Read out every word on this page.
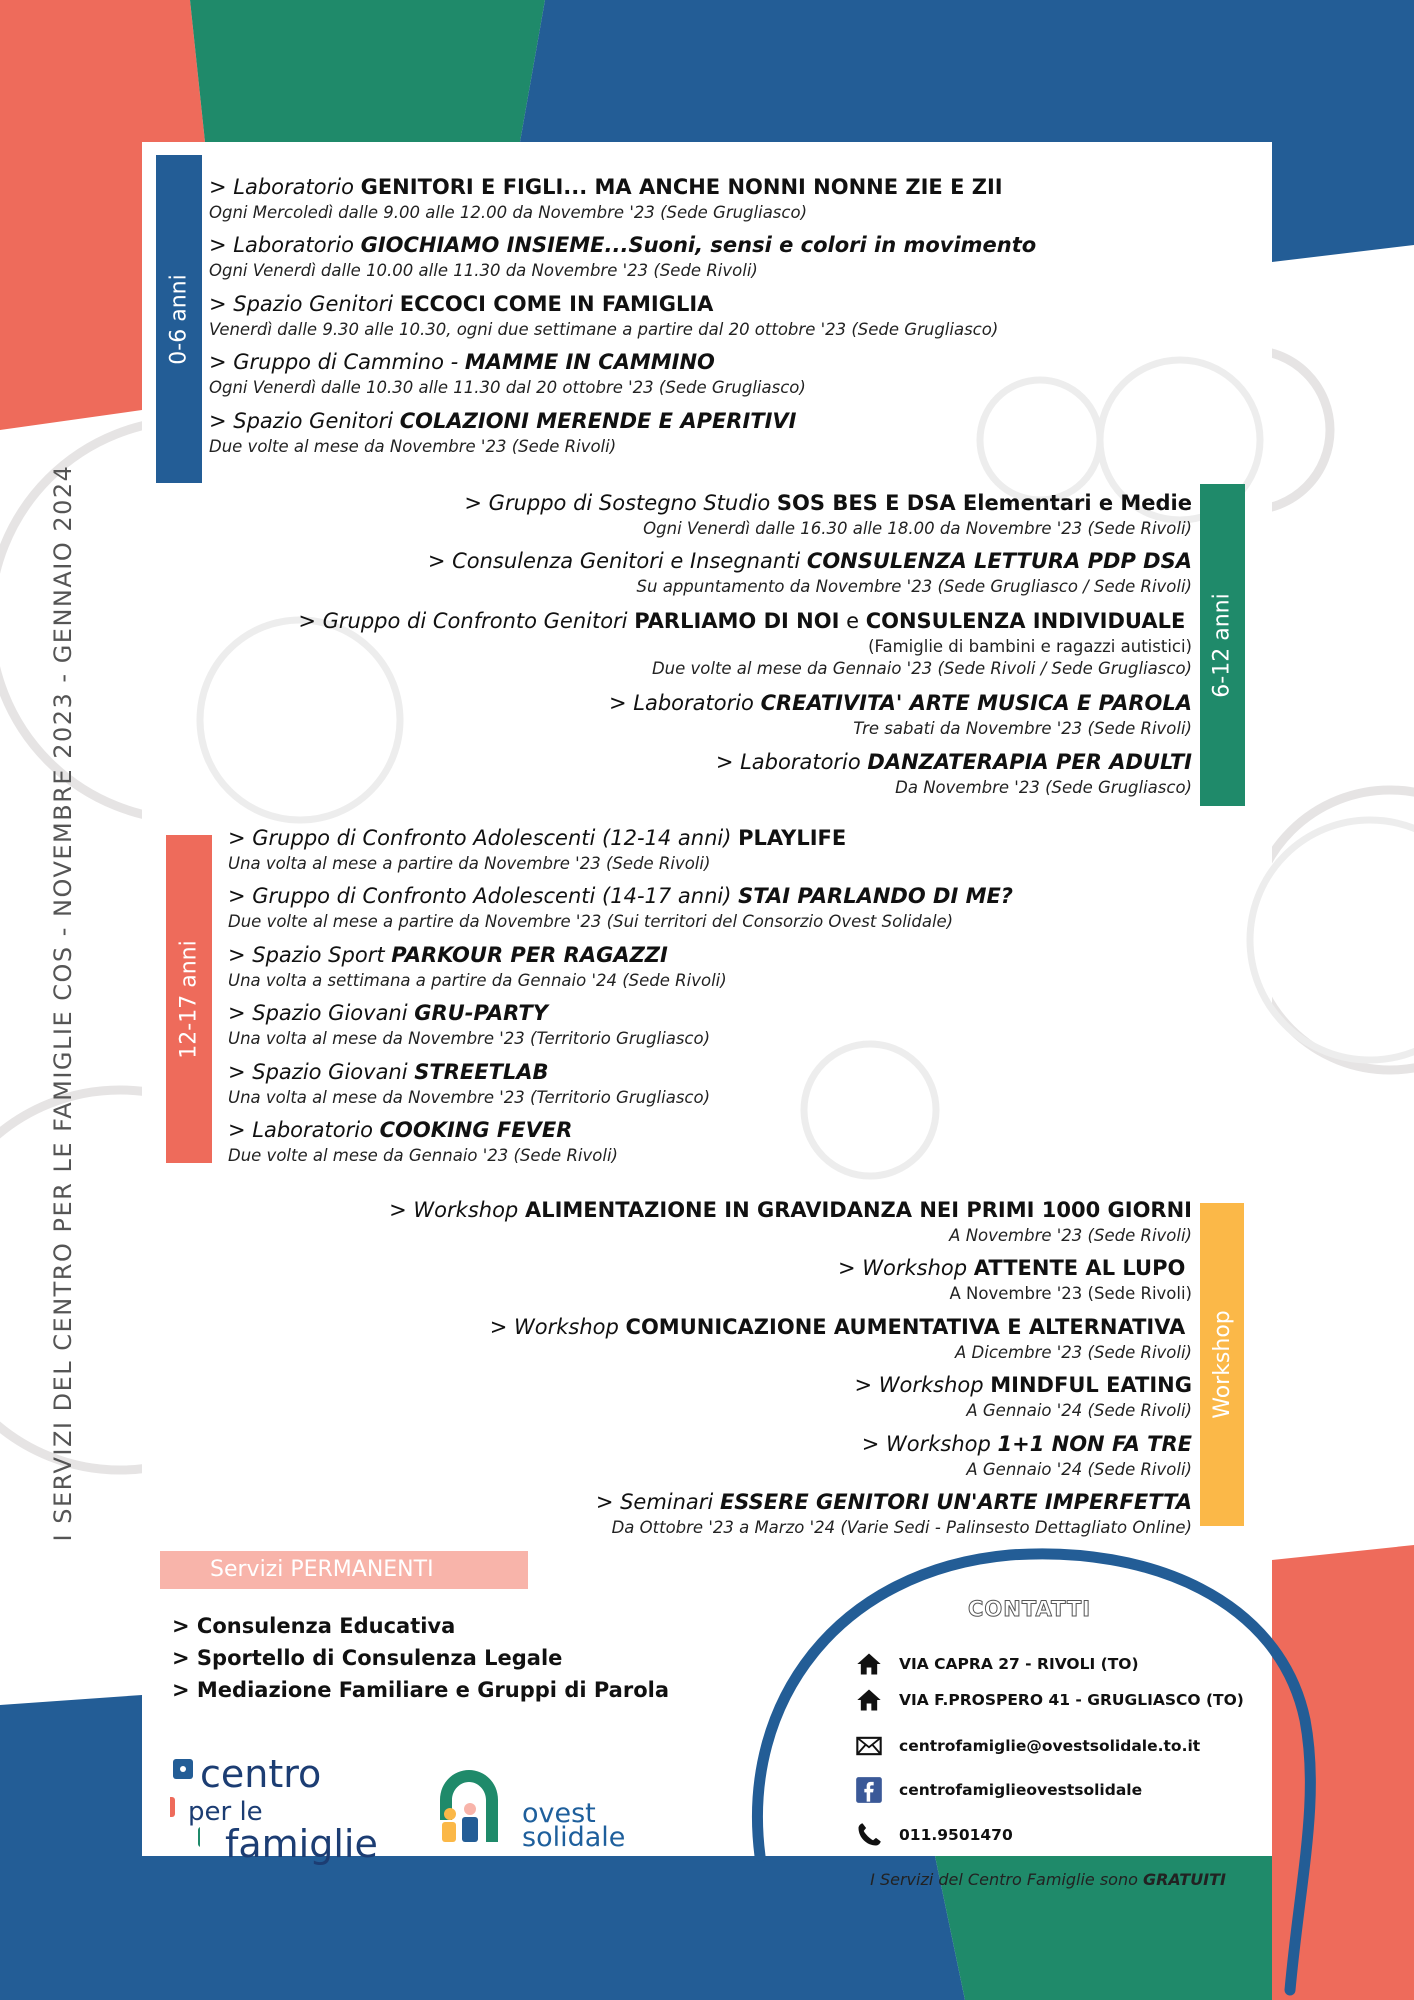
I SERVIZI DEL CENTRO PER LE FAMIGLIE COS - NOVEMBRE 2023 - GENNAIO 2024
0-6 anni
> Laboratorio GENITORI E FIGLI... MA ANCHE NONNI NONNE ZIE E ZII
Ogni Mercoledì dalle 9.00 alle 12.00 da Novembre '23 (Sede Grugliasco)
> Laboratorio GIOCHIAMO INSIEME...Suoni, sensi e colori in movimento
Ogni Venerdì dalle 10.00 alle 11.30 da Novembre '23 (Sede Rivoli)
> Spazio Genitori ECCOCI COME IN FAMIGLIA
Venerdì dalle 9.30 alle 10.30, ogni due settimane a partire dal 20 ottobre '23 (Sede Grugliasco)
> Gruppo di Cammino - MAMME IN CAMMINO
Ogni Venerdì dalle 10.30 alle 11.30 dal 20 ottobre '23 (Sede Grugliasco)
> Spazio Genitori COLAZIONI MERENDE E APERITIVI
Due volte al mese da Novembre '23 (Sede Rivoli)
6-12 anni
> Gruppo di Sostegno Studio SOS BES E DSA Elementari e Medie
Ogni Venerdì dalle 16.30 alle 18.00 da Novembre '23 (Sede Rivoli)
> Consulenza Genitori e Insegnanti CONSULENZA LETTURA PDP DSA
Su appuntamento da Novembre '23 (Sede Grugliasco / Sede Rivoli)
> Gruppo di Confronto Genitori PARLIAMO DI NOI e CONSULENZA INDIVIDUALE
(Famiglie di bambini e ragazzi autistici)
Due volte al mese da Gennaio '23 (Sede Rivoli / Sede Grugliasco)
> Laboratorio CREATIVITA' ARTE MUSICA E PAROLA
Tre sabati da Novembre '23 (Sede Rivoli)
> Laboratorio DANZATERAPIA PER ADULTI
Da Novembre '23 (Sede Grugliasco)
12-17 anni
> Gruppo di Confronto Adolescenti (12-14 anni) PLAYLIFE
Una volta al mese a partire da Novembre '23 (Sede Rivoli)
> Gruppo di Confronto Adolescenti (14-17 anni) STAI PARLANDO DI ME?
Due volte al mese a partire da Novembre '23 (Sui territori del Consorzio Ovest Solidale)
> Spazio Sport PARKOUR PER RAGAZZI
Una volta a settimana a partire da Gennaio '24 (Sede Rivoli)
> Spazio Giovani GRU-PARTY
Una volta al mese da Novembre '23 (Territorio Grugliasco)
> Spazio Giovani STREETLAB
Una volta al mese da Novembre '23 (Territorio Grugliasco)
> Laboratorio COOKING FEVER
Due volte al mese da Gennaio '23 (Sede Rivoli)
Workshop
> Workshop ALIMENTAZIONE IN GRAVIDANZA NEI PRIMI 1000 GIORNI
A Novembre '23 (Sede Rivoli)
> Workshop ATTENTE AL LUPO
A Novembre '23 (Sede Rivoli)
> Workshop COMUNICAZIONE AUMENTATIVA E ALTERNATIVA
A Dicembre '23 (Sede Rivoli)
> Workshop MINDFUL EATING
A Gennaio '24 (Sede Rivoli)
> Workshop 1+1 NON FA TRE
A Gennaio '24 (Sede Rivoli)
> Seminari ESSERE GENITORI UN'ARTE IMPERFETTA
Da Ottobre '23 a Marzo '24 (Varie Sedi - Palinsesto Dettagliato Online)
Servizi PERMANENTI
> Consulenza Educativa
> Sportello di Consulenza Legale
> Mediazione Familiare e Gruppi di Parola
CONTATTI
VIA CAPRA 27 - RIVOLI (TO)
VIA F.PROSPERO 41 - GRUGLIASCO (TO)
centrofamiglie@ovestsolidale.to.it
centrofamiglieovestsolidale
011.9501470
centro
per le
famiglie
ovest
solidale
I Servizi del Centro Famiglie sono GRATUITI
